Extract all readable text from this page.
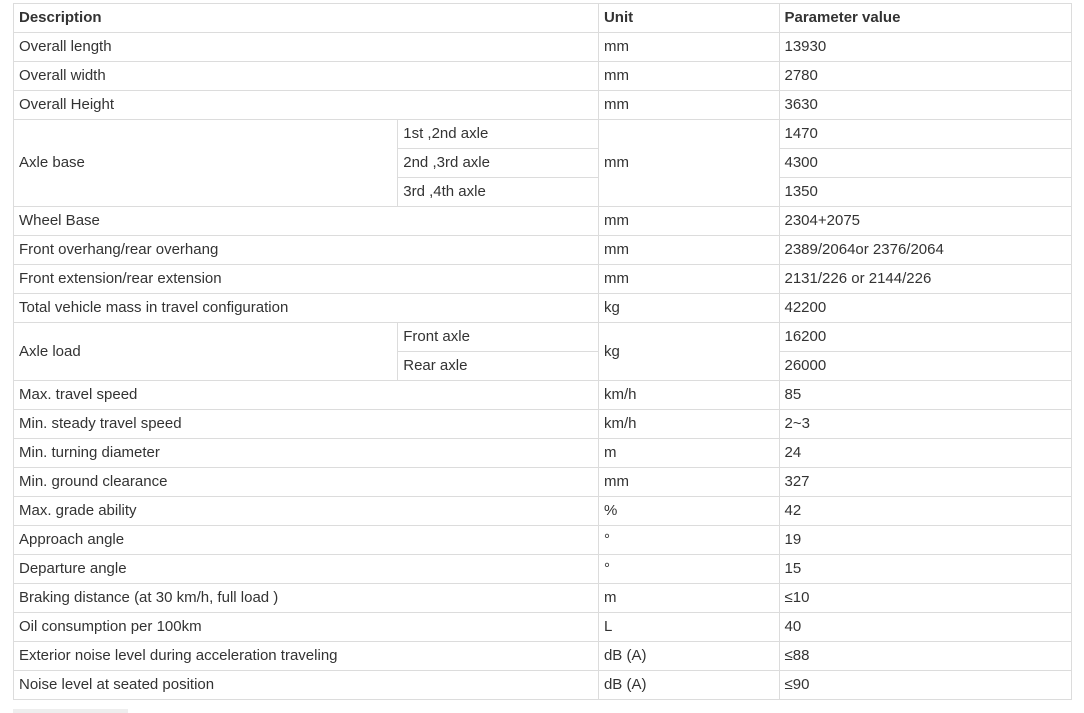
Description		Unit	Parameter value
Overall length		mm	13930
Overall width		mm	2780
Overall Height		mm	3630
Axle base	1st ,2nd axle	mm	1470
	2nd ,3rd axle		4300
	3rd ,4th axle		1350
Wheel Base		mm	2304+2075
Front overhang/rear overhang		mm	2389/2064or 2376/2064
Front extension/rear extension		mm	2131/226 or 2144/226
Total vehicle mass in travel configuration		kg	42200
Axle load	Front axle	kg	16200
	Rear axle		26000
Max. travel speed		km/h	85
Min. steady travel speed		km/h	2~3
Min. turning diameter		m	24
Min. ground clearance		mm	327
Max. grade ability		%	42
Approach angle		°	19
Departure angle		°	15
Braking distance (at 30 km/h, full load )		m	≤10
Oil consumption per 100km		L	40
Exterior noise level during acceleration traveling		dB (A)	≤88
Noise level at seated position		dB (A)	≤90
